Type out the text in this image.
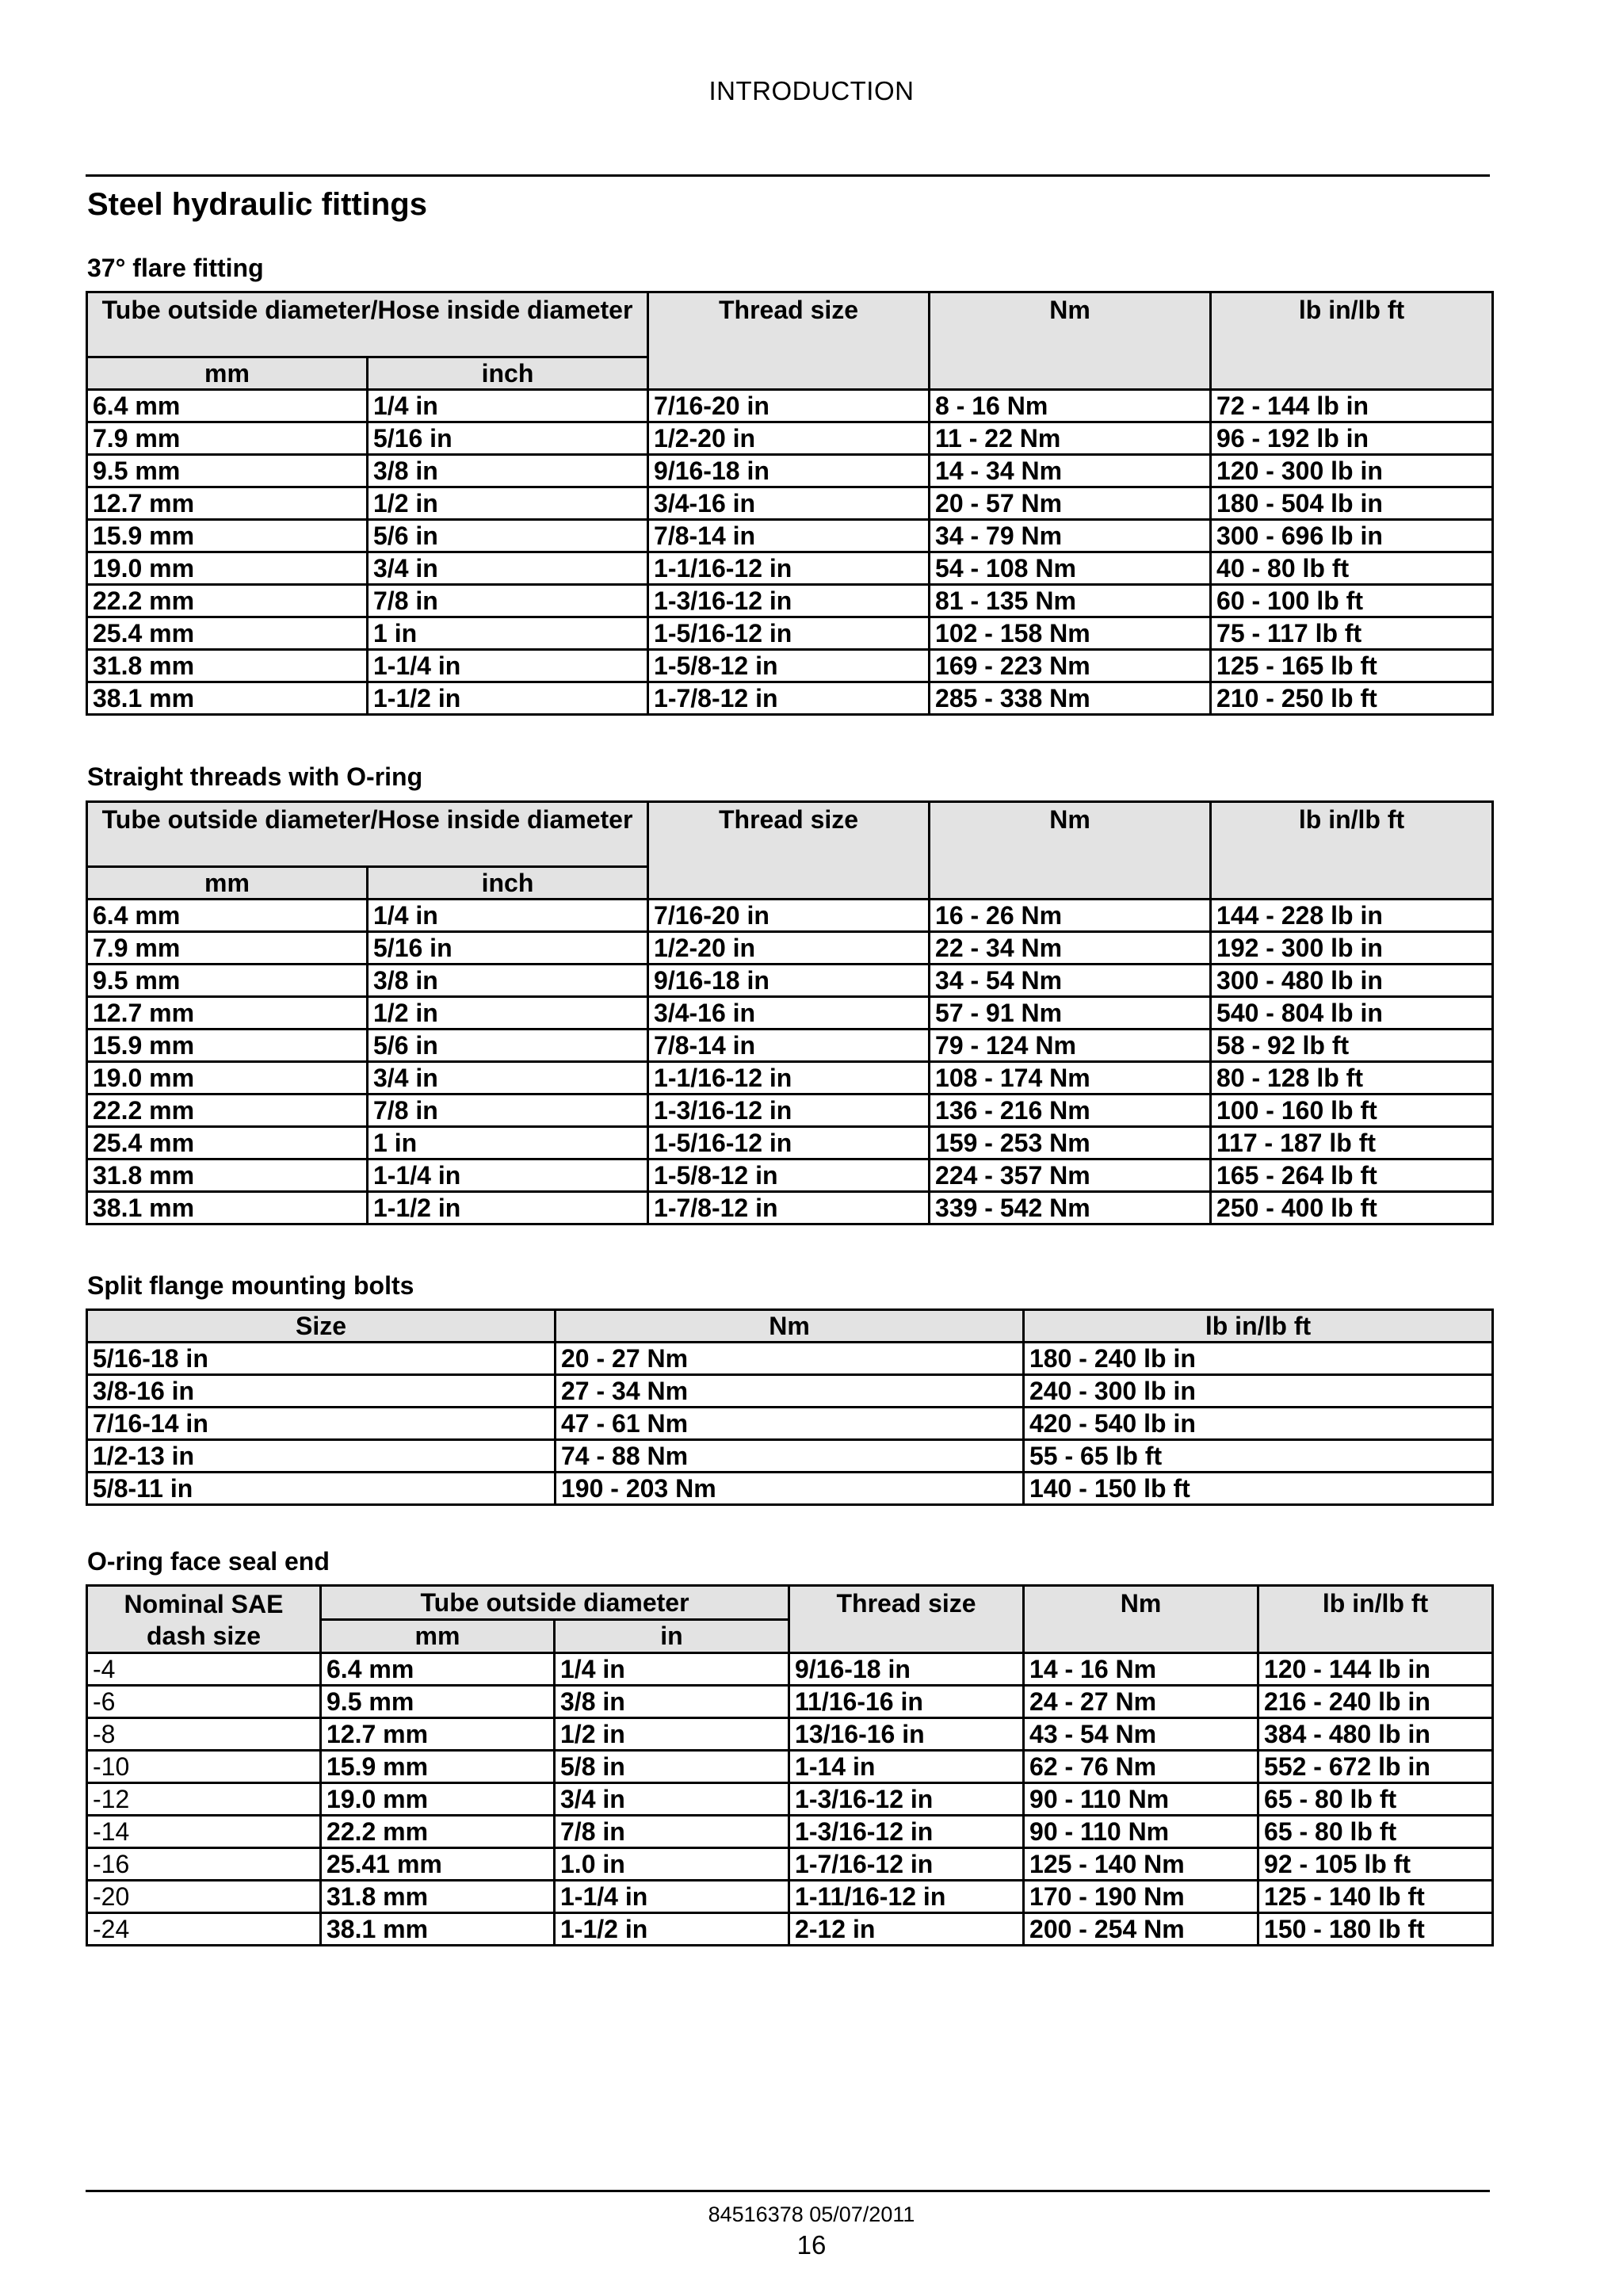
INTRODUCTION
Steel hydraulic fittings
37° flare fitting
Tube outside diameter/Hose inside diameter		Thread size	Nm	lb in/lb ft
mm	inch			
6.4 mm	1/4 in	7/16-20 in	8 - 16 Nm	72 - 144 lb in
7.9 mm	5/16 in	1/2-20 in	11 - 22 Nm	96 - 192 lb in
9.5 mm	3/8 in	9/16-18 in	14 - 34 Nm	120 - 300 lb in
12.7 mm	1/2 in	3/4-16 in	20 - 57 Nm	180 - 504 lb in
15.9 mm	5/6 in	7/8-14 in	34 - 79 Nm	300 - 696 lb in
19.0 mm	3/4 in	1-1/16-12 in	54 - 108 Nm	40 - 80 lb ft
22.2 mm	7/8 in	1-3/16-12 in	81 - 135 Nm	60 - 100 lb ft
25.4 mm	1 in	1-5/16-12 in	102 - 158 Nm	75 - 117 lb ft
31.8 mm	1-1/4 in	1-5/8-12 in	169 - 223 Nm	125 - 165 lb ft
38.1 mm	1-1/2 in	1-7/8-12 in	285 - 338 Nm	210 - 250 lb ft
Straight threads with O-ring
Tube outside diameter/Hose inside diameter		Thread size	Nm	lb in/lb ft
mm	inch			
6.4 mm	1/4 in	7/16-20 in	16 - 26 Nm	144 - 228 lb in
7.9 mm	5/16 in	1/2-20 in	22 - 34 Nm	192 - 300 lb in
9.5 mm	3/8 in	9/16-18 in	34 - 54 Nm	300 - 480 lb in
12.7 mm	1/2 in	3/4-16 in	57 - 91 Nm	540 - 804 lb in
15.9 mm	5/6 in	7/8-14 in	79 - 124 Nm	58 - 92 lb ft
19.0 mm	3/4 in	1-1/16-12 in	108 - 174 Nm	80 - 128 lb ft
22.2 mm	7/8 in	1-3/16-12 in	136 - 216 Nm	100 - 160 lb ft
25.4 mm	1 in	1-5/16-12 in	159 - 253 Nm	117 - 187 lb ft
31.8 mm	1-1/4 in	1-5/8-12 in	224 - 357 Nm	165 - 264 lb ft
38.1 mm	1-1/2 in	1-7/8-12 in	339 - 542 Nm	250 - 400 lb ft
Split flange mounting bolts
Size	Nm	lb in/lb ft
5/16-18 in	20 - 27 Nm	180 - 240 lb in
3/8-16 in	27 - 34 Nm	240 - 300 lb in
7/16-14 in	47 - 61 Nm	420 - 540 lb in
1/2-13 in	74 - 88 Nm	55 - 65 lb ft
5/8-11 in	190 - 203 Nm	140 - 150 lb ft
O-ring face seal end
Nominal SAE dash size	Tube outside diameter		Thread size	Nm	lb in/lb ft
	mm	in			
-4	6.4 mm	1/4 in	9/16-18 in	14 - 16 Nm	120 - 144 lb in
-6	9.5 mm	3/8 in	11/16-16 in	24 - 27 Nm	216 - 240 lb in
-8	12.7 mm	1/2 in	13/16-16 in	43 - 54 Nm	384 - 480 lb in
-10	15.9 mm	5/8 in	1-14 in	62 - 76 Nm	552 - 672 lb in
-12	19.0 mm	3/4 in	1-3/16-12 in	90 - 110 Nm	65 - 80 lb ft
-14	22.2 mm	7/8 in	1-3/16-12 in	90 - 110 Nm	65 - 80 lb ft
-16	25.41 mm	1.0 in	1-7/16-12 in	125 - 140 Nm	92 - 105 lb ft
-20	31.8 mm	1-1/4 in	1-11/16-12 in	170 - 190 Nm	125 - 140 lb ft
-24	38.1 mm	1-1/2 in	2-12 in	200 - 254 Nm	150 - 180 lb ft
84516378 05/07/2011
16
